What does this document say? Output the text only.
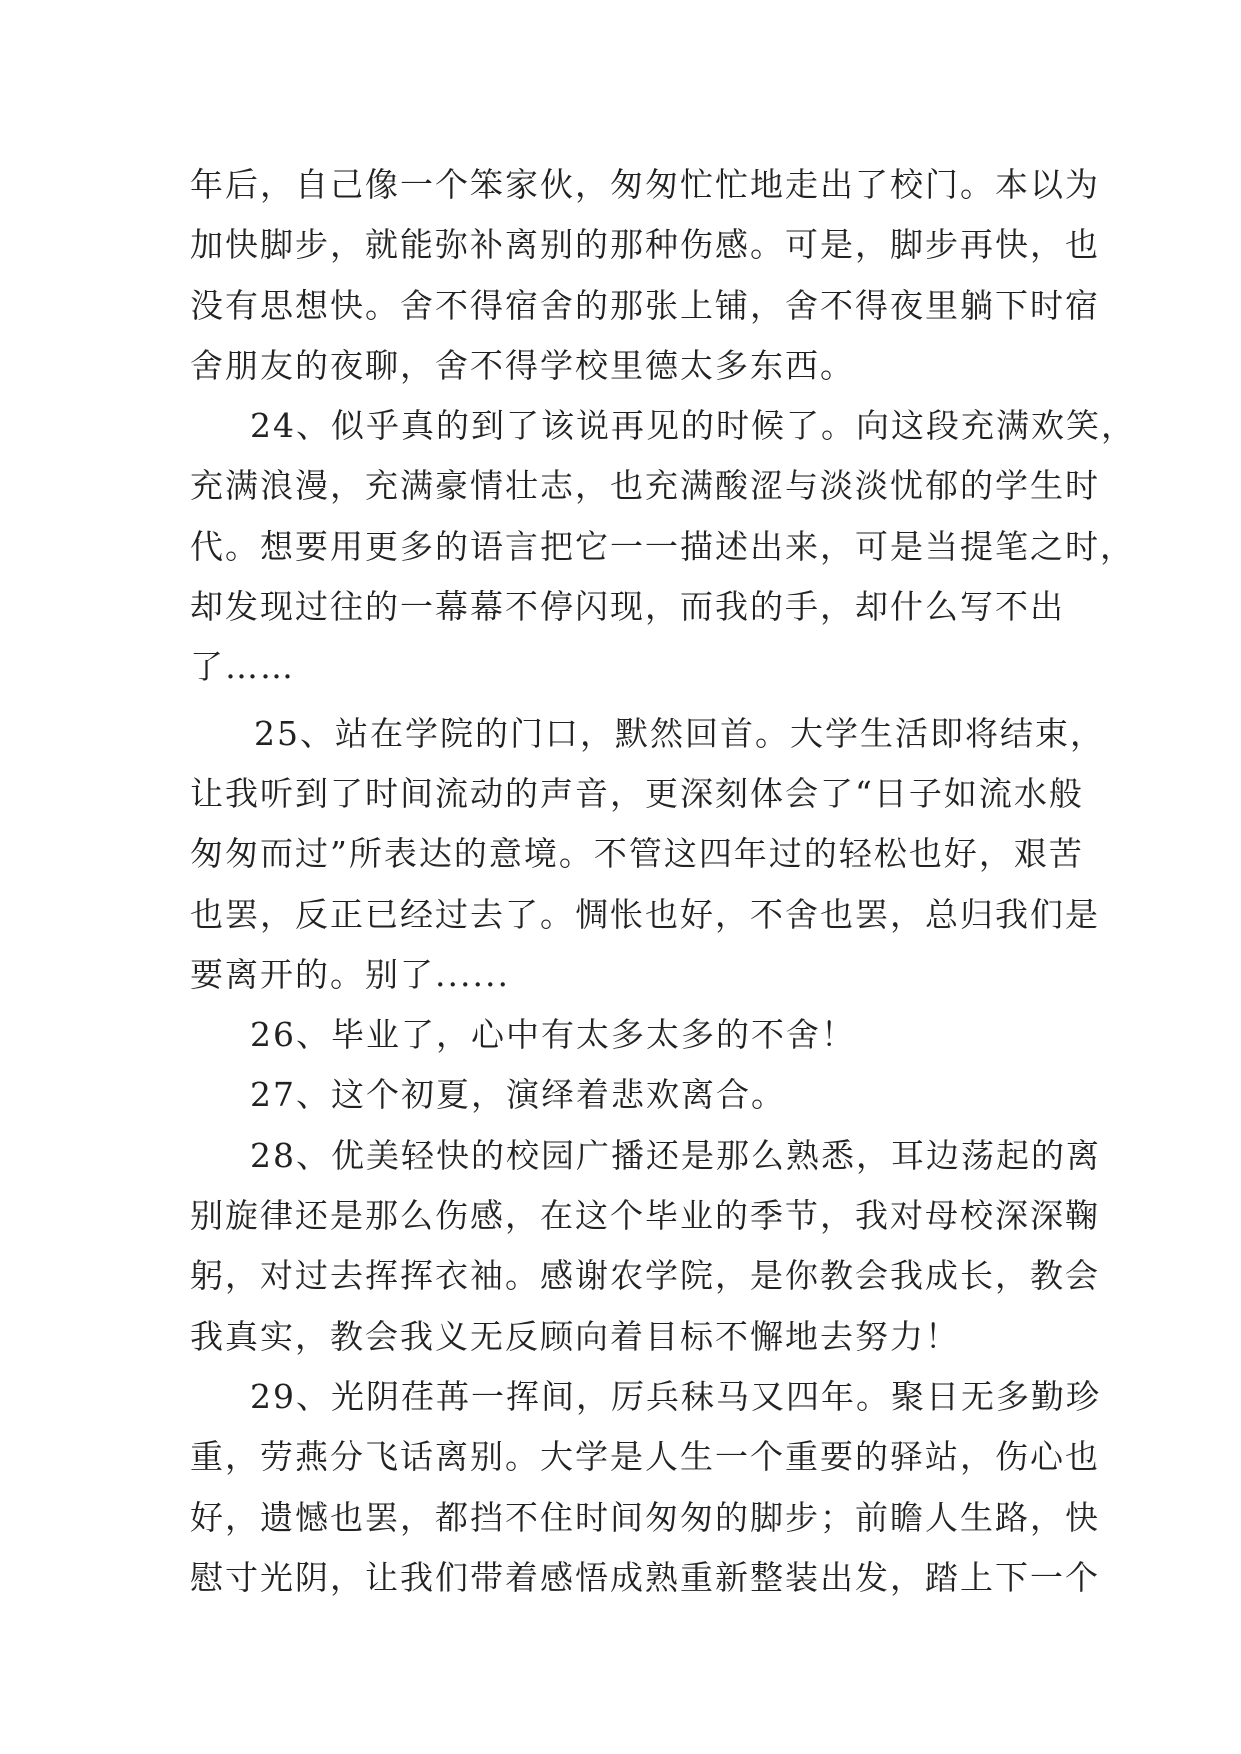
年后，自己像一个笨家伙，匆匆忙忙地走出了校门。本以为
加快脚步，就能弥补离别的那种伤感。可是，脚步再快，也
没有思想快。舍不得宿舍的那张上铺，舍不得夜里躺下时宿
舍朋友的夜聊，舍不得学校里德太多东西。
24、似乎真的到了该说再见的时候了。向这段充满欢笑，
充满浪漫，充满豪情壮志，也充满酸涩与淡淡忧郁的学生时
代。想要用更多的语言把它一一描述出来，可是当提笔之时，
却发现过往的一幕幕不停闪现，而我的手，却什么写不出
了……
25、站在学院的门口，默然回首。大学生活即将结束，
让我听到了时间流动的声音，更深刻体会了“日子如流水般
匆匆而过”所表达的意境。不管这四年过的轻松也好，艰苦
也罢，反正已经过去了。惆怅也好，不舍也罢，总归我们是
要离开的。别了......
26、毕业了，心中有太多太多的不舍！
27、这个初夏，演绎着悲欢离合。
28、优美轻快的校园广播还是那么熟悉，耳边荡起的离
别旋律还是那么伤感，在这个毕业的季节，我对母校深深鞠
躬，对过去挥挥衣袖。感谢农学院，是你教会我成长，教会
我真实，教会我义无反顾向着目标不懈地去努力！
29、光阴荏苒一挥间，厉兵秣马又四年。聚日无多勤珍
重，劳燕分飞话离别。大学是人生一个重要的驿站，伤心也
好，遗憾也罢，都挡不住时间匆匆的脚步；前瞻人生路，快
慰寸光阴，让我们带着感悟成熟重新整装出发，踏上下一个
